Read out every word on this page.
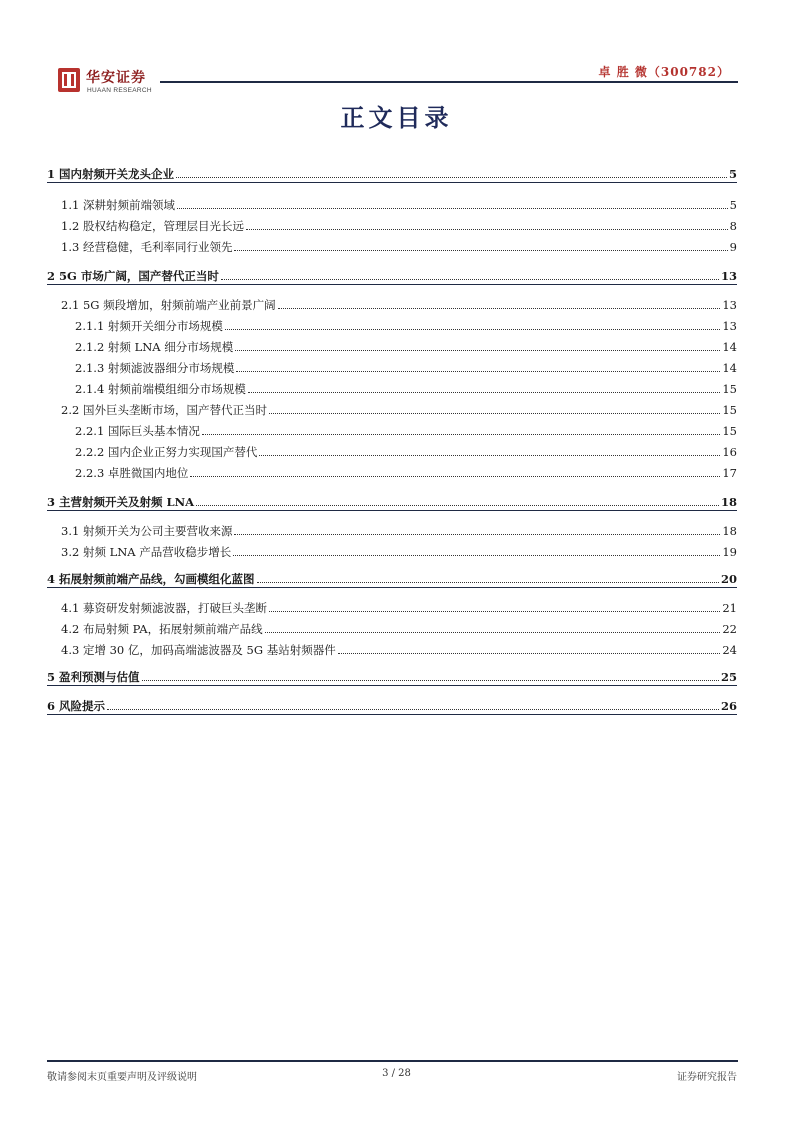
华安证券
HUAAN RESEARCH
卓 胜 微（300782）
正文目录
1 国内射频开关龙头企业	5
1.1 深耕射频前端领域	5
1.2 股权结构稳定，管理层目光长远	8
1.3 经营稳健，毛利率同行业领先	9
2 5G 市场广阔，国产替代正当时	13
2.1 5G 频段增加，射频前端产业前景广阔	13
2.1.1 射频开关细分市场规模	13
2.1.2 射频 LNA 细分市场规模	14
2.1.3 射频滤波器细分市场规模	14
2.1.4 射频前端模组细分市场规模	15
2.2 国外巨头垄断市场，国产替代正当时	15
2.2.1 国际巨头基本情况	15
2.2.2 国内企业正努力实现国产替代	16
2.2.3 卓胜微国内地位	17
3 主营射频开关及射频 LNA	18
3.1 射频开关为公司主要营收来源	18
3.2 射频 LNA 产品营收稳步增长	19
4 拓展射频前端产品线，勾画模组化蓝图	20
4.1 募资研发射频滤波器，打破巨头垄断	21
4.2 布局射频 PA，拓展射频前端产品线	22
4.3 定增 30 亿，加码高端滤波器及 5G 基站射频器件	24
5 盈利预测与估值	25
6 风险提示	26
敬请参阅末页重要声明及评级说明	3 / 28	证券研究报告
